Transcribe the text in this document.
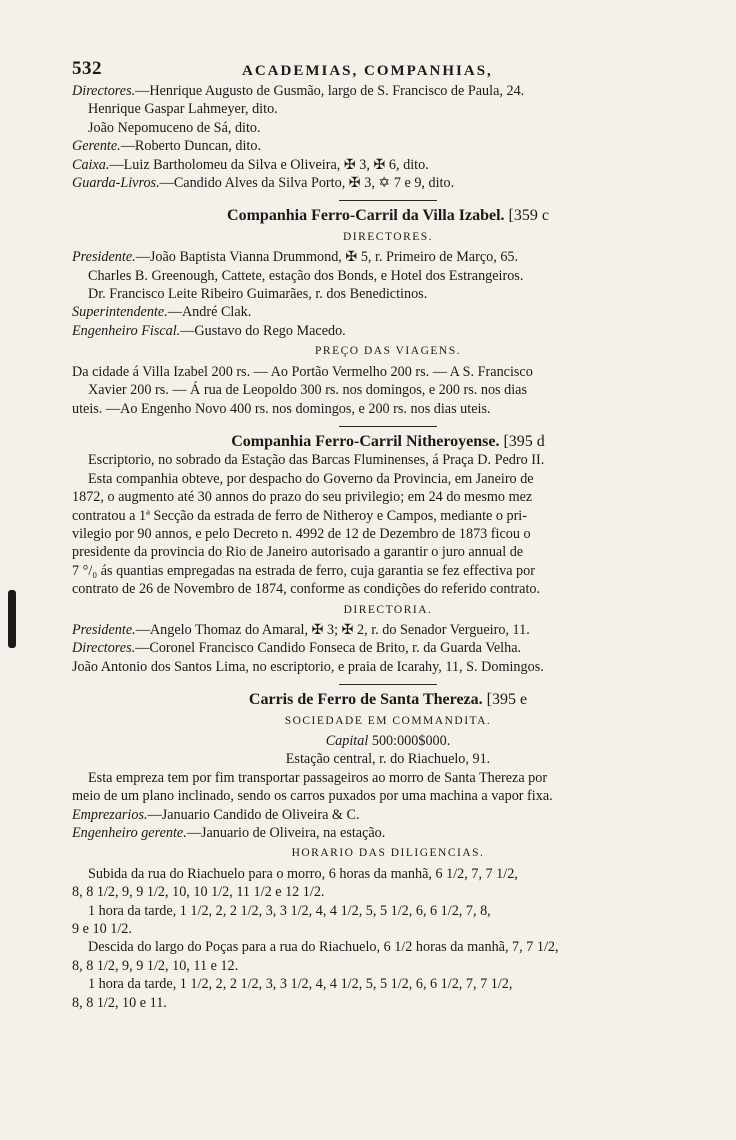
532	ACADEMIAS, COMPANHIAS,
Directores.—Henrique Augusto de Gusmão, largo de S. Francisco de Paula, 24.
Henrique Gaspar Lahmeyer, dito.
João Nepomuceno de Sá, dito.
Gerente.—Roberto Duncan, dito.
Caixa.—Luiz Bartholomeu da Silva e Oliveira, ✠ 3, ✠ 6, dito.
Guarda-Livros.—Candido Alves da Silva Porto, ✠ 3, ✡ 7 e 9, dito.
Companhia Ferro-Carril da Villa Izabel. [359 c
DIRECTORES.
Presidente.—João Baptista Vianna Drummond, ✠ 5, r. Primeiro de Março, 65.
Charles B. Greenough, Cattete, estação dos Bonds, e Hotel dos Estrangeiros.
Dr. Francisco Leite Ribeiro Guimarães, r. dos Benedictinos.
Superintendente.—André Clak.
Engenheiro Fiscal.—Gustavo do Rego Macedo.
PREÇO DAS VIAGENS.
Da cidade á Villa Izabel 200 rs. — Ao Portão Vermelho 200 rs. — A S. Francisco
Xavier 200 rs. — Á rua de Leopoldo 300 rs. nos domingos, e 200 rs. nos dias
uteis. —Ao Engenho Novo 400 rs. nos domingos, e 200 rs. nos dias uteis.
Companhia Ferro-Carril Nitheroyense. [395 d
Escriptorio, no sobrado da Estação das Barcas Fluminenses, á Praça D. Pedro II.
Esta companhia obteve, por despacho do Governo da Provincia, em Janeiro de
1872, o augmento até 30 annos do prazo do seu privilegio; em 24 do mesmo mez
contratou a 1ª Secção da estrada de ferro de Nitheroy e Campos, mediante o pri-
vilegio por 90 annos, e pelo Decreto n. 4992 de 12 de Dezembro de 1873 ficou o
presidente da provincia do Rio de Janeiro autorisado a garantir o juro annual de
7 °/₀ ás quantias empregadas na estrada de ferro, cuja garantia se fez effectiva por
contrato de 26 de Novembro de 1874, conforme as condições do referido contrato.
DIRECTORIA.
Presidente.—Angelo Thomaz do Amaral, ✠ 3; ✠ 2, r. do Senador Vergueiro, 11.
Directores.—Coronel Francisco Candido Fonseca de Brito, r. da Guarda Velha.
João Antonio dos Santos Lima, no escriptorio, e praia de Icarahy, 11, S. Domingos.
Carris de Ferro de Santa Thereza. [395 e
SOCIEDADE EM COMMANDITA.
Capital 500:000$000.
Estação central, r. do Riachuelo, 91.
Esta empreza tem por fim transportar passageiros ao morro de Santa Thereza por
meio de um plano inclinado, sendo os carros puxados por uma machina a vapor fixa.
Emprezarios.—Januario Candido de Oliveira & C.
Engenheiro gerente.—Januario de Oliveira, na estação.
HORARIO DAS DILIGENCIAS.
Subida da rua do Riachuelo para o morro, 6 horas da manhã, 6 1/2, 7, 7 1/2,
8, 8 1/2, 9, 9 1/2, 10, 10 1/2, 11 1/2 e 12 1/2.
1 hora da tarde, 1 1/2, 2, 2 1/2, 3, 3 1/2, 4, 4 1/2, 5, 5 1/2, 6, 6 1/2, 7, 8,
9 e 10 1/2.
Descida do largo do Poças para a rua do Riachuelo, 6 1/2 horas da manhã, 7, 7 1/2,
8, 8 1/2, 9, 9 1/2, 10, 11 e 12.
1 hora da tarde, 1 1/2, 2, 2 1/2, 3, 3 1/2, 4, 4 1/2, 5, 5 1/2, 6, 6 1/2, 7, 7 1/2,
8, 8 1/2, 10 e 11.
